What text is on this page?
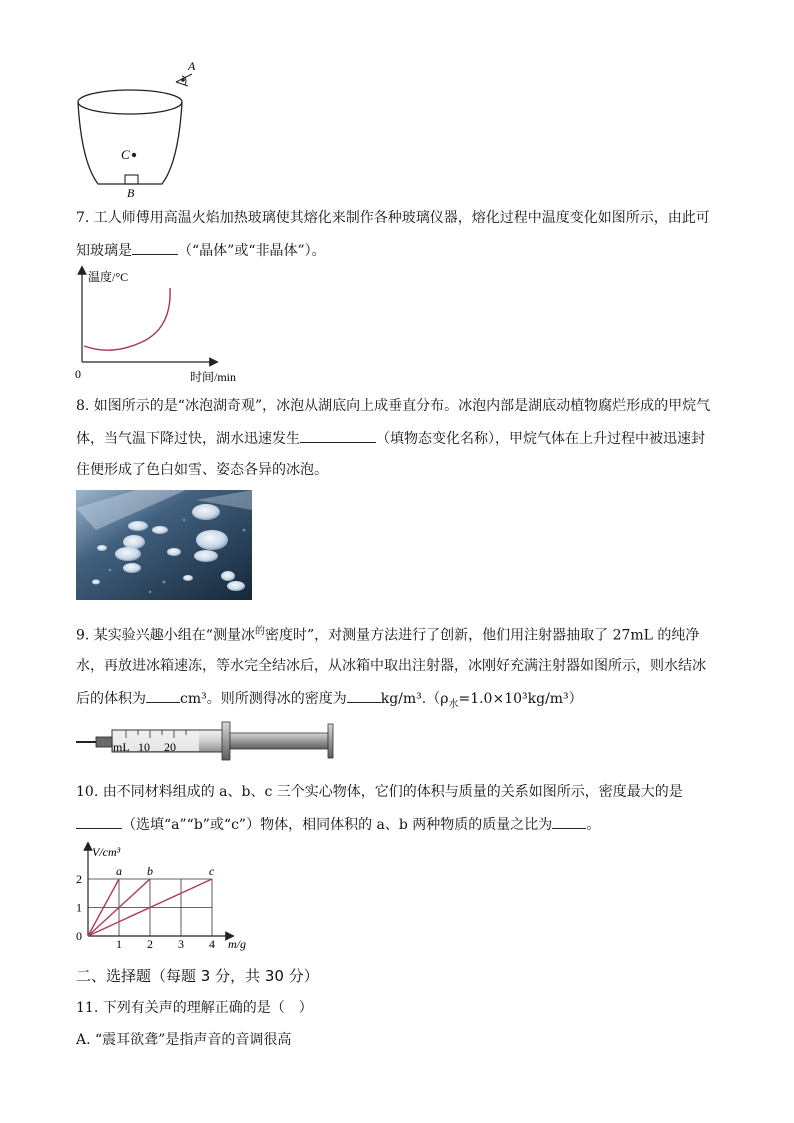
A
C
B
7. 工人师傅用高温火焰加热玻璃使其熔化来制作各种玻璃仪器，熔化过程中温度变化如图所示，由此可
知玻璃是	（“晶体”或“非晶体”）。
温度/°C
0	时间/min
8. 如图所示的是“冰泡湖奇观”，冰泡从湖底向上成垂直分布。冰泡内部是湖底动植物腐烂形成的甲烷气
体，当气温下降过快，湖水迅速发生	（填物态变化名称），甲烷气体在上升过程中被迅速封
住便形成了色白如雪、姿态各异的冰泡。
9. 某实验兴趣小组在“测量冰$^的$密度时”，对测量方法进行了创新，他们用注射器抽取了 27mL 的纯净
水，再放进冰箱速冻，等水完全结冰后，从冰箱中取出注射器，冰刚好充满注射器如图所示，则水结冰
后的体积为 cm³。则所测得冰的密度为 $kg/m^3.(\rho_水=1.0\times 10^3kg/m^3)$
mL 10 20
10. 由不同材料组成的 a、b、c 三个实心物体，它们的体积与质量的关系如图所示，密度最大的是
（选填“a”“b”或“c”）物体，相同体积的 a、b 两种物质的质量之比为 。
a b	c
1 2 3 4
0
1
2
V/cm³
m/g
二、选择题（每题 3 分，共 30 分）
11. 下列有关声的理解正确的是（　）
A. “震耳欲聋”是指声音的音调很高
